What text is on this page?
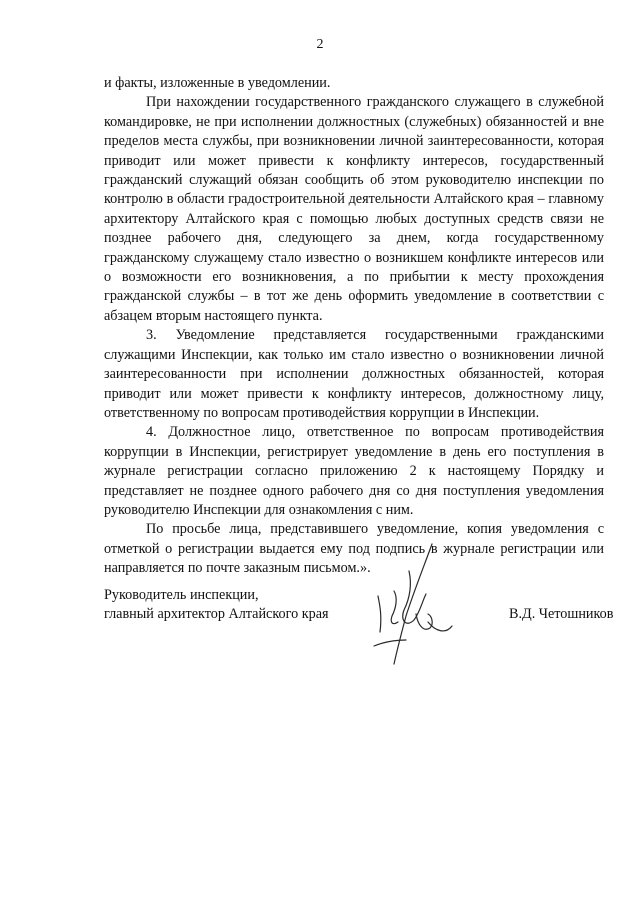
2

и факты, изложенные в уведомлении.

При нахождении государственного гражданского служащего в служебной командировке, не при исполнении должностных (служебных) обязанностей и вне пределов места службы, при возникновении личной заинтересованности, которая приводит или может привести к конфликту интересов, государственный гражданский служащий обязан сообщить об этом руководителю инспекции по контролю в области градостроительной деятельности Алтайского края – главному архитектору Алтайского края с помощью любых доступных средств связи не позднее рабочего дня, следующего за днем, когда государственному гражданскому служащему стало известно о возникшем конфликте интересов или о возможности его возникновения, а по прибытии к месту прохождения гражданской службы – в тот же день оформить уведомление в соответствии с абзацем вторым настоящего пункта.

3. Уведомление представляется государственными гражданскими служащими Инспекции, как только им стало известно о возникновении личной заинтересованности при исполнении должностных обязанностей, которая приводит или может привести к конфликту интересов, должностному лицу, ответственному по вопросам противодействия коррупции в Инспекции.

4. Должностное лицо, ответственное по вопросам противодействия коррупции в Инспекции, регистрирует уведомление в день его поступления в журнале регистрации согласно приложению 2 к настоящему Порядку и представляет не позднее одного рабочего дня со дня поступления уведомления руководителю Инспекции для ознакомления с ним.

По просьбе лица, представившего уведомление, копия уведомления с отметкой о регистрации выдается ему под подпись в журнале регистрации или направляется по почте заказным письмом.».

Руководитель инспекции,
главный архитектор Алтайского края	В.Д. Четошников
